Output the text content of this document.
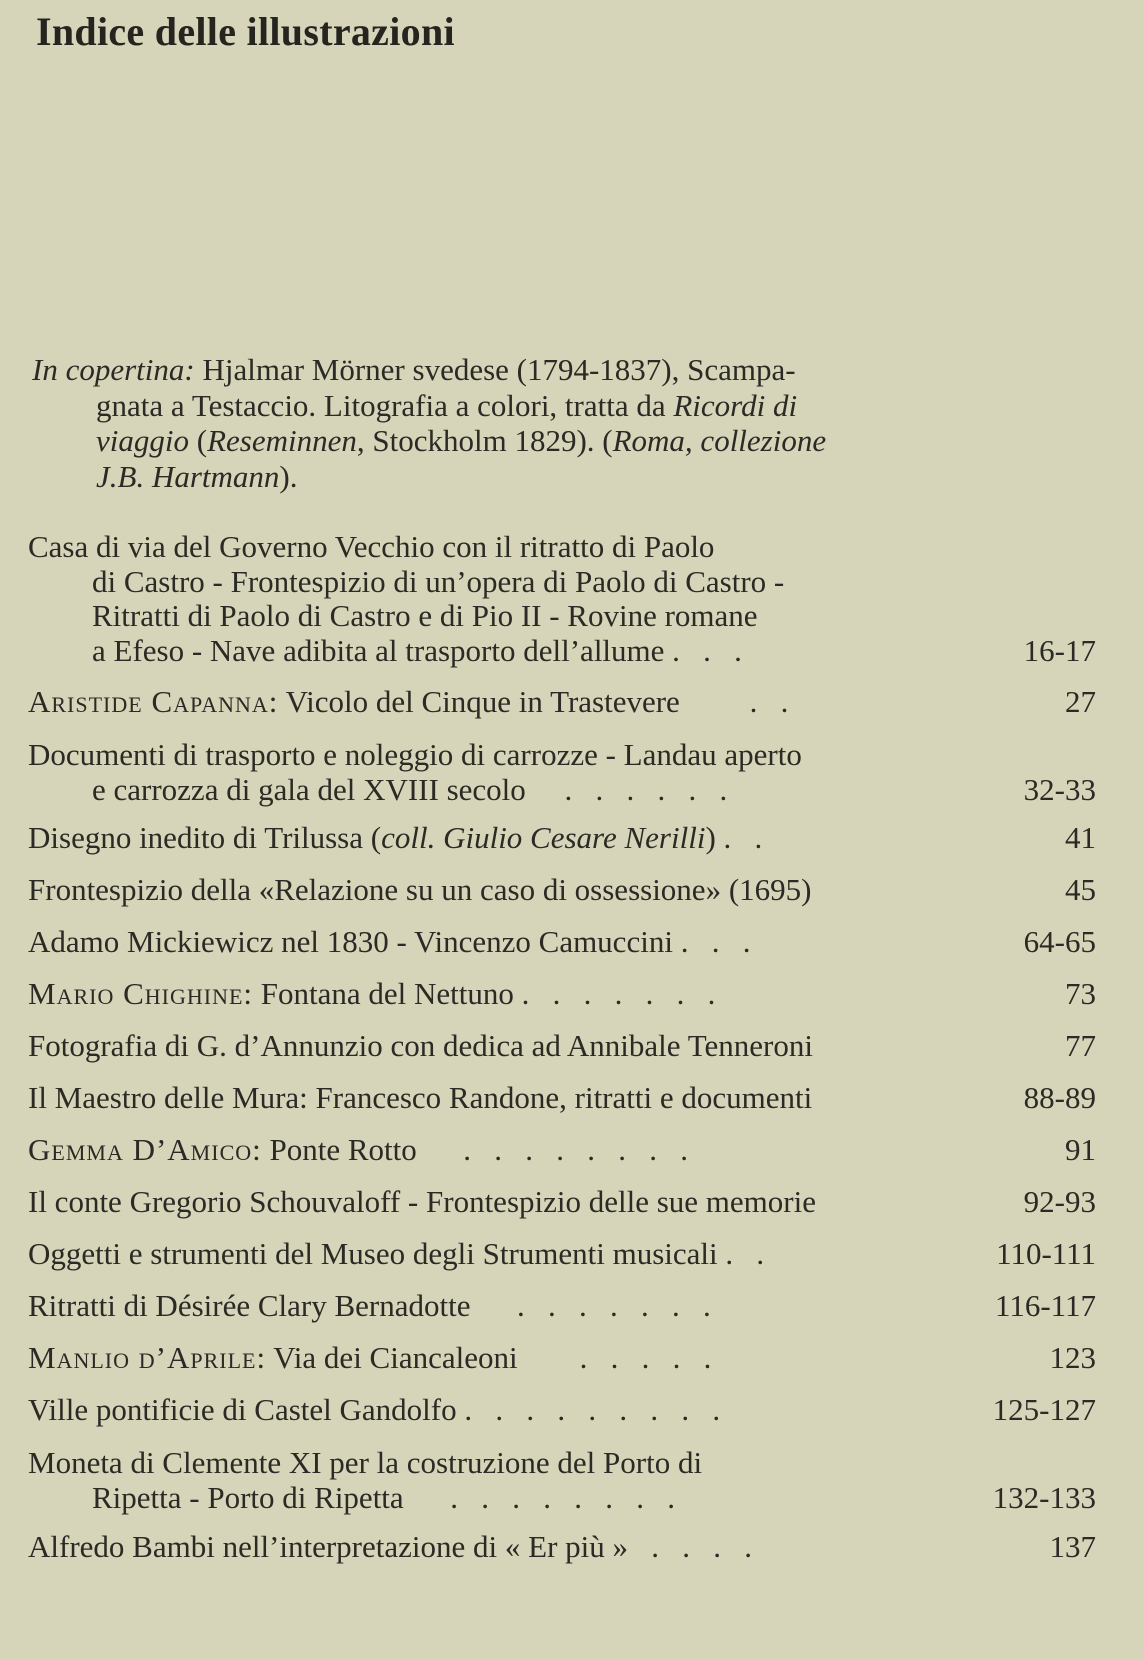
Indice delle illustrazioni
In copertina: Hjalmar Mörner svedese (1794-1837), Scampa-
gnata a Testaccio. Litografia a colori, tratta da Ricordi di
viaggio (Reseminnen, Stockholm 1829). (Roma, collezione
J.B. Hartmann).
Casa di via del Governo Vecchio con il ritratto di Paolo
di Castro - Frontespizio di un’opera di Paolo di Castro -
Ritratti di Paolo di Castro e di Pio II - Rovine romane
a Efeso - Nave adibita al trasporto dell’allume .   .   .	16-17
Aristide Capanna: Vicolo del Cinque in Trastevere .   .	27
Documenti di trasporto e noleggio di carrozze - Landau aperto
e carrozza di gala del XVIII secolo .   .   .   .   .   .	32-33
Disegno inedito di Trilussa (coll. Giulio Cesare Nerilli) .   .	41
Frontespizio della «Relazione su un caso di ossessione» (1695)	45
Adamo Mickiewicz nel 1830 - Vincenzo Camuccini .   .   .	64-65
Mario Chighine: Fontana del Nettuno .   .   .   .   .   .   .	73
Fotografia di G. d’Annunzio con dedica ad Annibale Tenneroni	77
Il Maestro delle Mura: Francesco Randone, ritratti e documenti	88-89
Gemma D’Amico: Ponte Rotto .   .   .   .   .   .   .   .	91
Il conte Gregorio Schouvaloff - Frontespizio delle sue memorie	92-93
Oggetti e strumenti del Museo degli Strumenti musicali .   .	110-111
Ritratti di Désirée Clary Bernadotte .   .   .   .   .   .   .	116-117
Manlio d’Aprile: Via dei Ciancaleoni .   .   .   .   .	123
Ville pontificie di Castel Gandolfo .   .   .   .   .   .   .   .   .	125-127
Moneta di Clemente XI per la costruzione del Porto di
Ripetta - Porto di Ripetta .   .   .   .   .   .   .   .	132-133
Alfredo Bambi nell’interpretazione di « Er più » .   .   .   .	137
